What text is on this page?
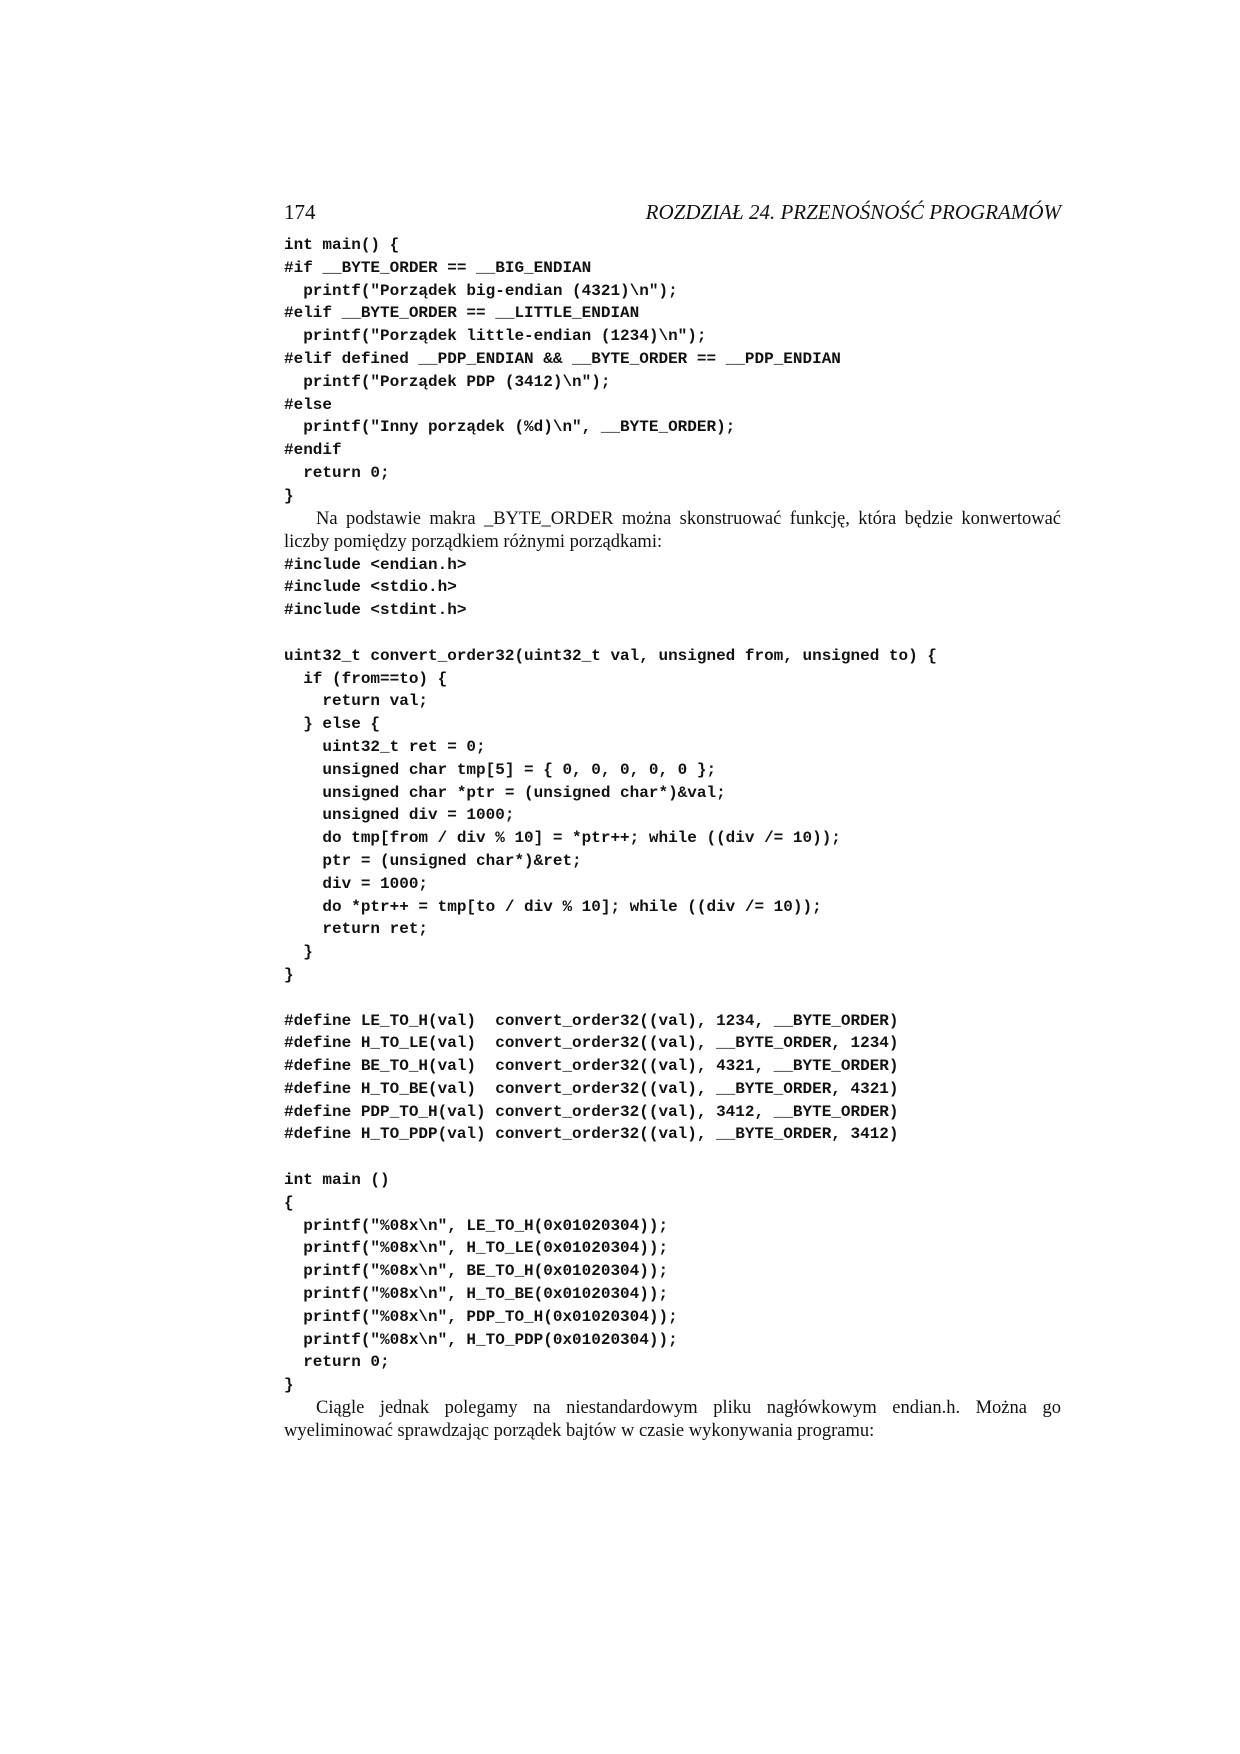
174	ROZDZIAŁ 24. PRZENOŚNOŚĆ PROGRAMÓW
int main() {
#if __BYTE_ORDER == __BIG_ENDIAN
printf("Porządek big-endian (4321)\n");
#elif __BYTE_ORDER == __LITTLE_ENDIAN
printf("Porządek little-endian (1234)\n");
#elif defined __PDP_ENDIAN && __BYTE_ORDER == __PDP_ENDIAN
printf("Porządek PDP (3412)\n");
#else
printf("Inny porządek (%d)\n", __BYTE_ORDER);
#endif
return 0;
}

Na podstawie makra _BYTE_ORDER można skonstruować funkcję, która będzie konwertować liczby pomiędzy porządkiem różnymi porządkami:

#include <endian.h>
#include <stdio.h>
#include <stdint.h>

uint32_t convert_order32(uint32_t val, unsigned from, unsigned to) {
if (from==to) {
return val;
} else {
uint32_t ret = 0;
unsigned char tmp[5] = { 0, 0, 0, 0, 0 };
unsigned char *ptr = (unsigned char*)&val;
unsigned div = 1000;
do tmp[from / div % 10] = *ptr++; while ((div /= 10));
ptr = (unsigned char*)&ret;
div = 1000;
do *ptr++ = tmp[to / div % 10]; while ((div /= 10));
return ret;
}
}

#define LE_TO_H(val)  convert_order32((val), 1234, __BYTE_ORDER)
#define H_TO_LE(val)  convert_order32((val), __BYTE_ORDER, 1234)
#define BE_TO_H(val)  convert_order32((val), 4321, __BYTE_ORDER)
#define H_TO_BE(val)  convert_order32((val), __BYTE_ORDER, 4321)
#define PDP_TO_H(val) convert_order32((val), 3412, __BYTE_ORDER)
#define H_TO_PDP(val) convert_order32((val), __BYTE_ORDER, 3412)

int main ()
{
printf("%08x\n", LE_TO_H(0x01020304));
printf("%08x\n", H_TO_LE(0x01020304));
printf("%08x\n", BE_TO_H(0x01020304));
printf("%08x\n", H_TO_BE(0x01020304));
printf("%08x\n", PDP_TO_H(0x01020304));
printf("%08x\n", H_TO_PDP(0x01020304));
return 0;
}

Ciągle jednak polegamy na niestandardowym pliku nagłówkowym endian.h. Można go wyeliminować sprawdzając porządek bajtów w czasie wykonywania programu:
